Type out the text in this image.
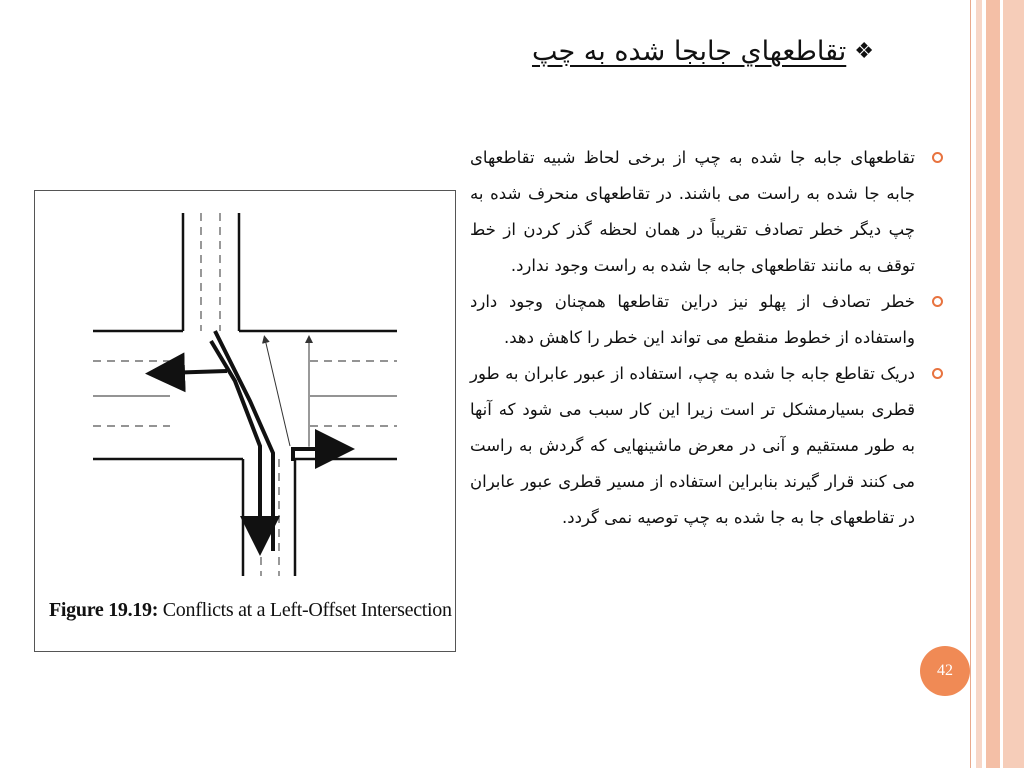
❖
تقاطعهاي جابجا شده به چپ
تقاطعهای جابه جا شده به چپ از برخی لحاظ شبیه تقاطعهای جابه جا شده به راست می باشند. در تقاطعهای منحرف شده به چپ دیگر خطر تصادف تقریباً در همان لحظه گذر کردن از خط توقف به مانند تقاطعهای جابه جا شده به راست وجود ندارد.
خطر تصادف از پهلو نیز دراین تقاطعها همچنان وجود دارد واستفاده از خطوط منقطع می تواند این خطر را کاهش دهد.
دریک تقاطع جابه جا شده به چپ، استفاده از عبور عابران به طور قطری بسیارمشکل تر است زیرا این کار سبب می شود که آنها به طور مستقیم و آنی در معرض ماشینهایی که گردش به راست می کنند قرار گیرند بنابراین استفاده از مسیر قطری عبور عابران در تقاطعهای جا به جا شده به چپ توصیه نمی گردد.
Figure 19.19: Conflicts at a Left-Offset Intersection
42
